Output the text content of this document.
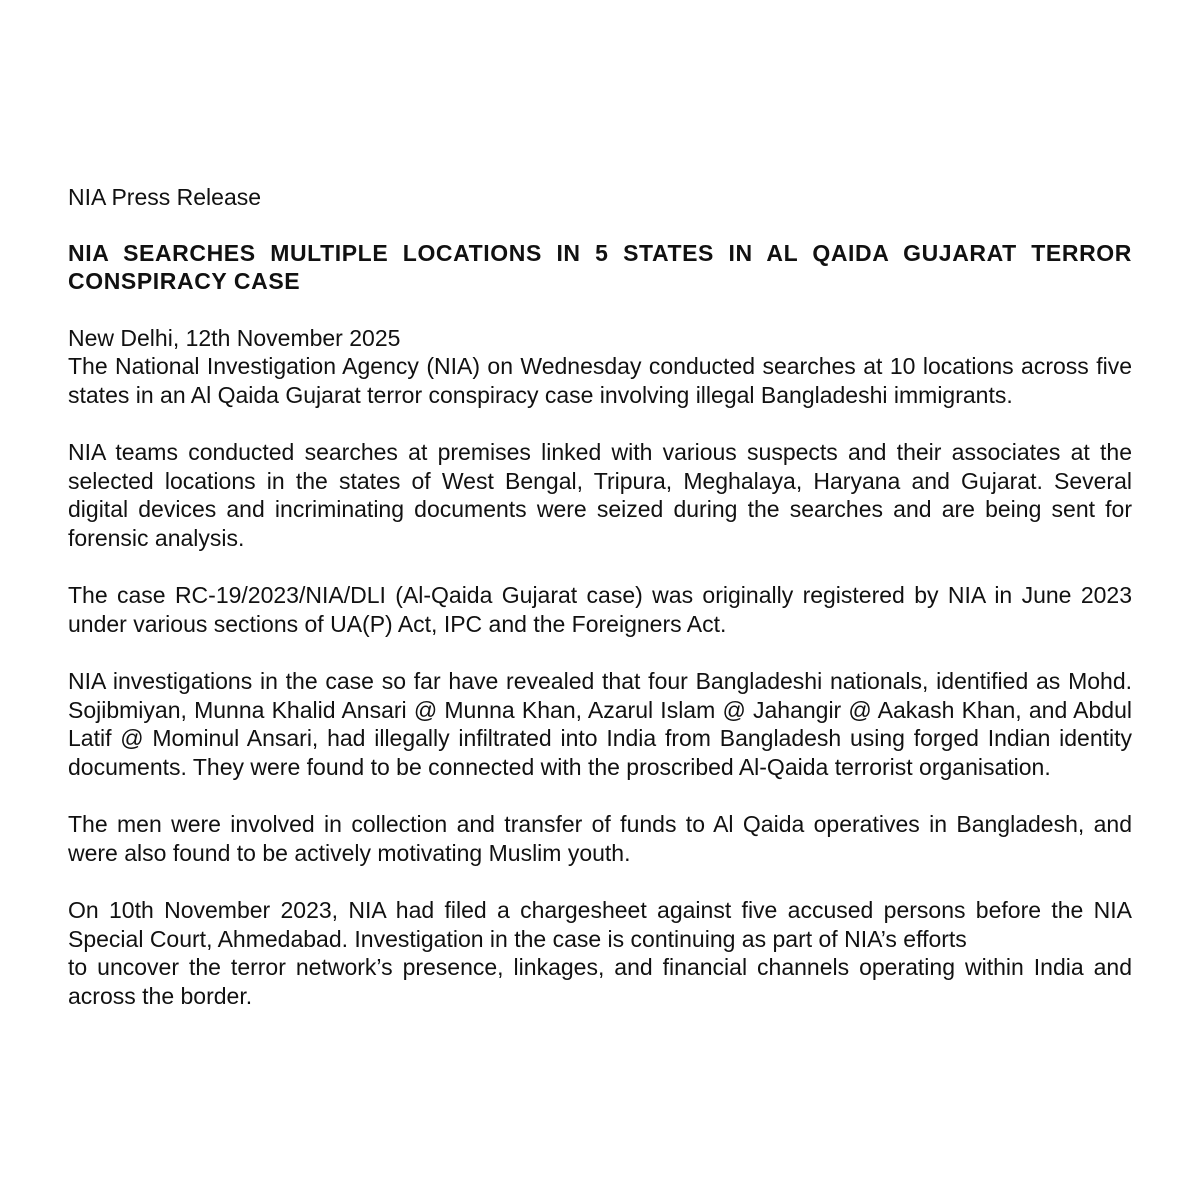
NIA Press Release
NIA SEARCHES MULTIPLE LOCATIONS IN 5 STATES IN AL QAIDA GUJARAT TERROR CONSPIRACY CASE
New Delhi, 12th November 2025
The National Investigation Agency (NIA) on Wednesday conducted searches at 10 locations across five states in an Al Qaida Gujarat terror conspiracy case involving illegal Bangladeshi immigrants.
NIA teams conducted searches at premises linked with various suspects and their associates at the selected locations in the states of West Bengal, Tripura, Meghalaya, Haryana and Gujarat. Several digital devices and incriminating documents were seized during the searches and are being sent for forensic analysis.
The case RC-19/2023/NIA/DLI (Al-Qaida Gujarat case) was originally registered by NIA in June 2023 under various sections of UA(P) Act, IPC and the Foreigners Act.
NIA investigations in the case so far have revealed that four Bangladeshi nationals, identified as Mohd. Sojibmiyan, Munna Khalid Ansari @ Munna Khan, Azarul Islam @ Jahangir @ Aakash Khan, and Abdul Latif @ Mominul Ansari, had illegally infiltrated into India from Bangladesh using forged Indian identity documents. They were found to be connected with the proscribed Al-Qaida terrorist organisation.
The men were involved in collection and transfer of funds to Al Qaida operatives in Bangladesh, and were also found to be actively motivating Muslim youth.
On 10th November 2023, NIA had filed a chargesheet against five accused persons before the NIA Special Court, Ahmedabad. Investigation in the case is continuing as part of NIA’s efforts
to uncover the terror network’s presence, linkages, and financial channels operating within India and across the border.
